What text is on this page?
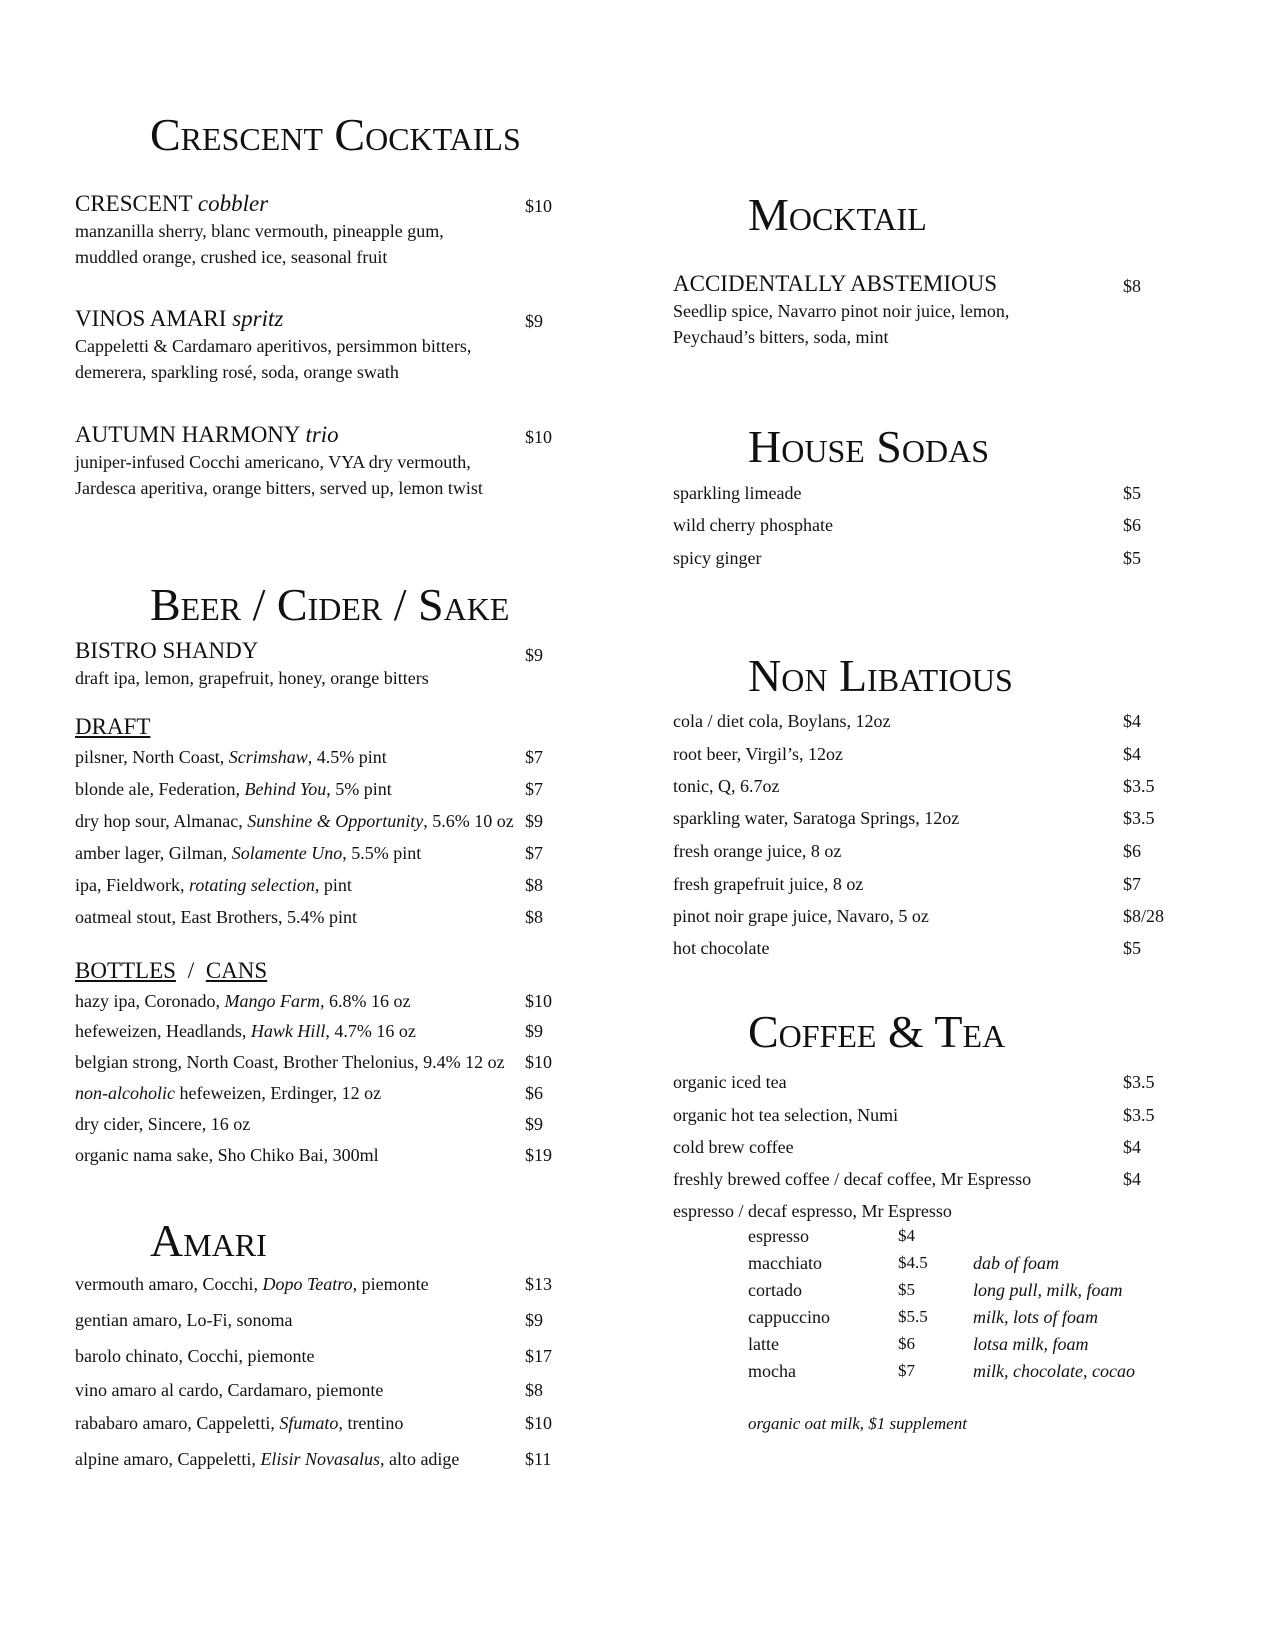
Crescent Cocktails
CRESCENT cobbler
manzanilla sherry, blanc vermouth, pineapple gum,
muddled orange, crushed ice, seasonal fruit
$10
VINOS AMARI spritz
Cappeletti & Cardamaro aperitivos, persimmon bitters,
demerera, sparkling rosé, soda, orange swath
$9
AUTUMN HARMONY trio
juniper-infused Cocchi americano, VYA dry vermouth,
Jardesca aperitiva, orange bitters, served up, lemon twist
$10
Beer / Cider / Sake
BISTRO SHANDY
draft ipa, lemon, grapefruit, honey, orange bitters
$9
DRAFT
pilsner, North Coast, Scrimshaw, 4.5% pint	$7
blonde ale, Federation, Behind You, 5% pint	$7
dry hop sour, Almanac, Sunshine & Opportunity, 5.6% 10 oz $9
amber lager, Gilman, Solamente Uno, 5.5% pint	$7
ipa, Fieldwork, rotating selection, pint	$8
oatmeal stout, East Brothers, 5.4% pint	$8
BOTTLES / CANS
hazy ipa, Coronado, Mango Farm, 6.8% 16 oz	$10
hefeweizen, Headlands, Hawk Hill, 4.7% 16 oz	$9
belgian strong, North Coast, Brother Thelonius, 9.4% 12 oz $10
non-alcoholic hefeweizen, Erdinger, 12 oz	$6
dry cider, Sincere, 16 oz	$9
organic nama sake, Sho Chiko Bai, 300ml	$19
Amari
vermouth amaro, Cocchi, Dopo Teatro, piemonte	$13
gentian amaro, Lo-Fi, sonoma	$9
barolo chinato, Cocchi, piemonte	$17
vino amaro al cardo, Cardamaro, piemonte	$8
rababaro amaro, Cappeletti, Sfumato, trentino	$10
alpine amaro, Cappeletti, Elisir Novasalus, alto adige	$11
Mocktail
ACCIDENTALLY ABSTEMIOUS
Seedlip spice, Navarro pinot noir juice, lemon,
Peychaud’s bitters, soda, mint
$8
House Sodas
sparkling limeade	$5
wild cherry phosphate	$6
spicy ginger	$5
Non Libatious
cola / diet cola, Boylans, 12oz	$4
root beer, Virgil’s, 12oz	$4
tonic, Q, 6.7oz	$3.5
sparkling water, Saratoga Springs, 12oz	$3.5
fresh orange juice, 8 oz	$6
fresh grapefruit juice, 8 oz	$7
pinot noir grape juice, Navaro, 5 oz	$8/28
hot chocolate	$5
Coffee & Tea
organic iced tea	$3.5
organic hot tea selection, Numi	$3.5
cold brew coffee	$4
freshly brewed coffee / decaf coffee, Mr Espresso	$4
espresso / decaf espresso, Mr Espresso
espresso	$4
macchiato	$4.5	dab of foam
cortado	$5	long pull, milk, foam
cappuccino	$5.5	milk, lots of foam
latte	$6	lotsa milk, foam
mocha	$7	milk, chocolate, cocao
organic oat milk, $1 supplement
